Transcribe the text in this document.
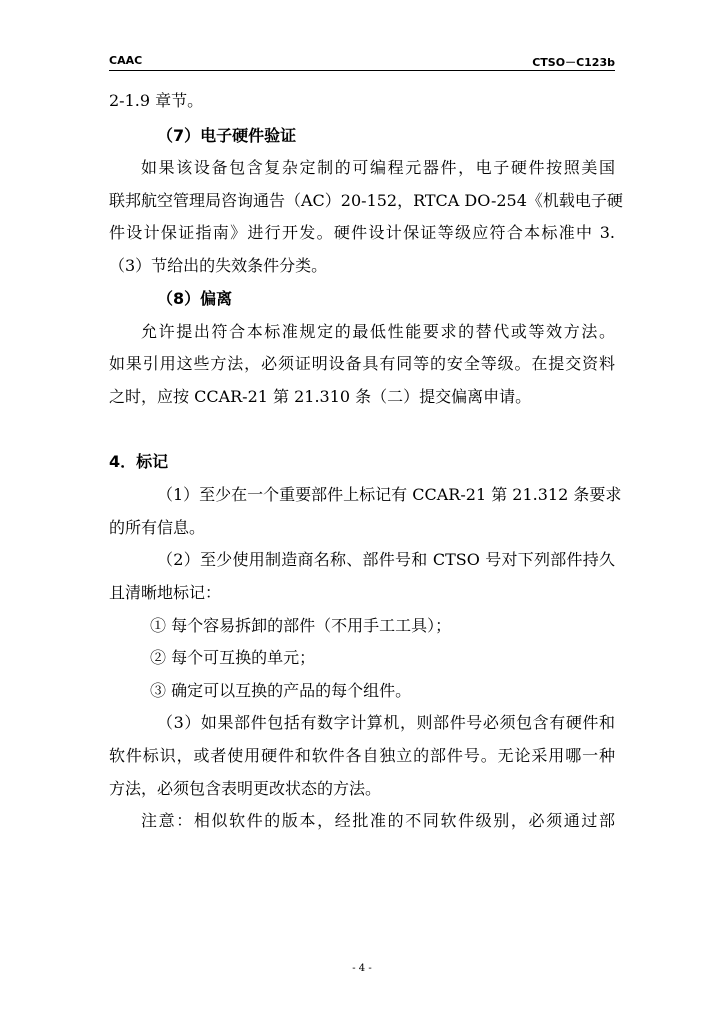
CAAC	CTSO－C123b
2-1.9 章节。
（7）电子硬件验证
如果该设备包含复杂定制的可编程元器件，电子硬件按照美国
联邦航空管理局咨询通告（AC）20-152，RTCA DO-254《机载电子硬
件设计保证指南》进行开发。硬件设计保证等级应符合本标准中 3.
（3）节给出的失效条件分类。
（8）偏离
允许提出符合本标准规定的最低性能要求的替代或等效方法。
如果引用这些方法，必须证明设备具有同等的安全等级。在提交资料
之时，应按 CCAR-21 第 21.310 条（二）提交偏离申请。
4．标记
（1）至少在一个重要部件上标记有 CCAR-21 第 21.312 条要求
的所有信息。
（2）至少使用制造商名称、部件号和 CTSO 号对下列部件持久
且清晰地标记：
① 每个容易拆卸的部件（不用手工工具）；
② 每个可互换的单元；
③ 确定可以互换的产品的每个组件。
（3）如果部件包括有数字计算机，则部件号必须包含有硬件和
软件标识，或者使用硬件和软件各自独立的部件号。无论采用哪一种
方法，必须包含表明更改状态的方法。
注意：相似软件的版本，经批准的不同软件级别，必须通过部
- 4 -
